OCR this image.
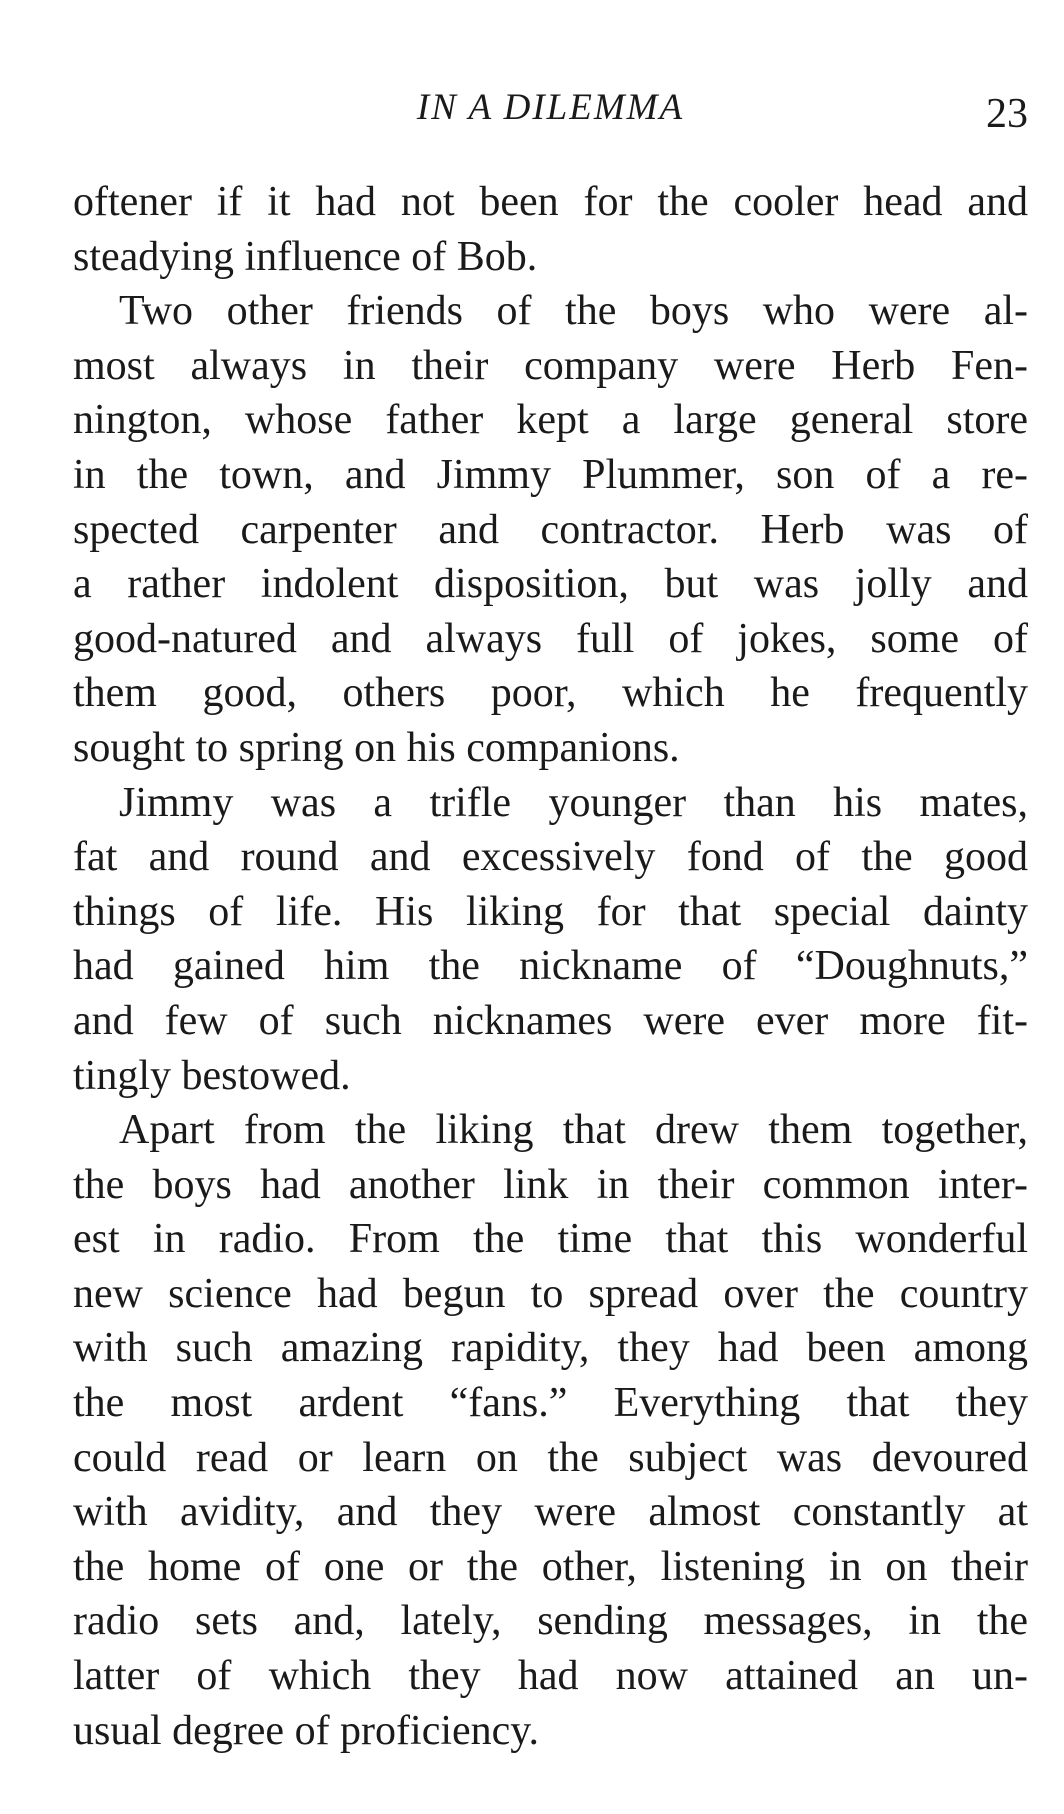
IN A DILEMMA	23
oftener if it had not been for the cooler head and
steadying influence of Bob.
Two other friends of the boys who were al-
most always in their company were Herb Fen-
nington, whose father kept a large general store
in the town, and Jimmy Plummer, son of a re-
spected carpenter and contractor. Herb was of
a rather indolent disposition, but was jolly and
good-natured and always full of jokes, some of
them good, others poor, which he frequently
sought to spring on his companions.
Jimmy was a trifle younger than his mates,
fat and round and excessively fond of the good
things of life. His liking for that special dainty
had gained him the nickname of “Doughnuts,”
and few of such nicknames were ever more fit-
tingly bestowed.
Apart from the liking that drew them together,
the boys had another link in their common inter-
est in radio. From the time that this wonderful
new science had begun to spread over the country
with such amazing rapidity, they had been among
the most ardent “fans.” Everything that they
could read or learn on the subject was devoured
with avidity, and they were almost constantly at
the home of one or the other, listening in on their
radio sets and, lately, sending messages, in the
latter of which they had now attained an un-
usual degree of proficiency.
